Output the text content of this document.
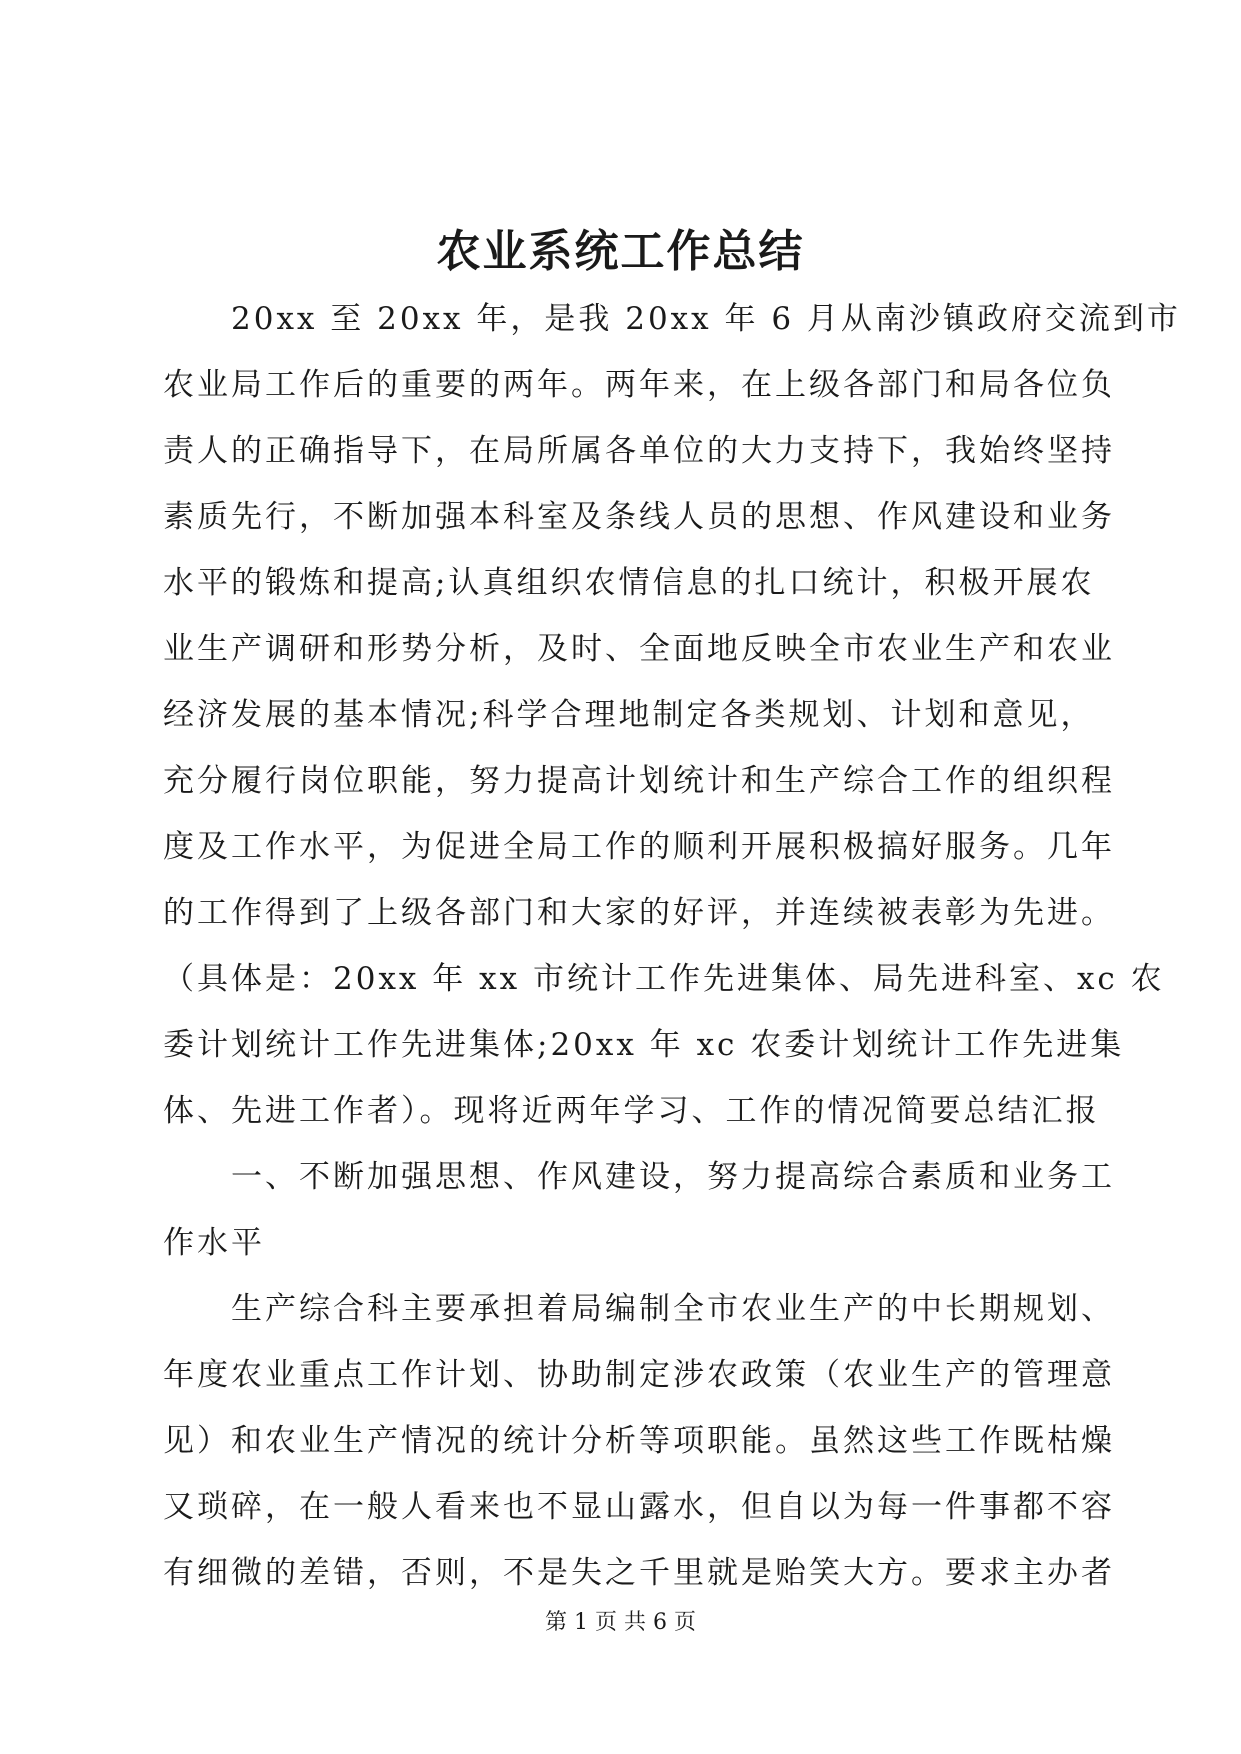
农业系统工作总结
20xx 至 20xx 年，是我 20xx 年 6 月从南沙镇政府交流到市
农业局工作后的重要的两年。两年来，在上级各部门和局各位负
责人的正确指导下，在局所属各单位的大力支持下，我始终坚持
素质先行，不断加强本科室及条线人员的思想、作风建设和业务
水平的锻炼和提高;认真组织农情信息的扎口统计，积极开展农
业生产调研和形势分析，及时、全面地反映全市农业生产和农业
经济发展的基本情况;科学合理地制定各类规划、计划和意见，
充分履行岗位职能，努力提高计划统计和生产综合工作的组织程
度及工作水平，为促进全局工作的顺利开展积极搞好服务。几年
的工作得到了上级各部门和大家的好评，并连续被表彰为先进。
（具体是：20xx 年 xx 市统计工作先进集体、局先进科室、xc 农
委计划统计工作先进集体;20xx 年 xc 农委计划统计工作先进集
体、先进工作者）。现将近两年学习、工作的情况简要总结汇报
一、不断加强思想、作风建设，努力提高综合素质和业务工
作水平
生产综合科主要承担着局编制全市农业生产的中长期规划、
年度农业重点工作计划、协助制定涉农政策（农业生产的管理意
见）和农业生产情况的统计分析等项职能。虽然这些工作既枯燥
又琐碎，在一般人看来也不显山露水，但自以为每一件事都不容
有细微的差错，否则，不是失之千里就是贻笑大方。要求主办者
第 1 页 共 6 页
